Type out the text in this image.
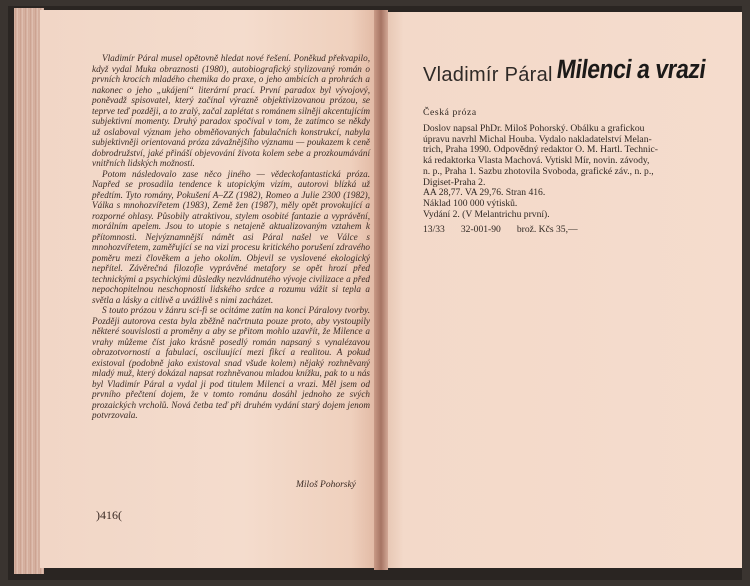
Vladimír Páral musel opětovně hledat nové řešení. Poněkud překvapilo, když vydal Muka obraznosti (1980), autobiografický stylizovaný román o prvních krocích mladého chemika do praxe, o jeho ambicích a prohrách a nakonec o jeho „ukájení“ literární prací. První paradox byl vývojový, poněvadž spisovatel, který začínal výrazně objektivizovanou prózou, se teprve teď později, a to zralý, začal zaplétat s románem silněji akcentujícím subjektivní momenty. Druhý paradox spočíval v tom, že zatímco se někdy už oslaboval význam jeho obměňovaných fabulačních konstrukcí, nabyla subjektivněji orientovaná próza závažnějšího významu — poukazem k ceně dobrodružství, jaké přináší objevování života kolem sebe a prozkoumávání vnitřních lidských možností.

Potom následovalo zase něco jiného — vědeckofantastická próza. Napřed se prosadila tendence k utopickým vizím, autorovi blízká už předtím. Tyto romány, Pokušení A–ZZ (1982), Romeo a Julie 2300 (1982), Válka s mnohozvířetem (1983), Země žen (1987), měly opět provokující a rozporné ohlasy. Působily atraktivou, stylem osobité fantazie a vyprávění, morálním apelem. Jsou to utopie s netajeně aktualizovaným vztahem k přítomnosti. Nejvýznamnější námět asi Páral našel ve Válce s mnohozvířetem, zaměřující se na vizi procesu kritického porušení zdravého poměru mezi člověkem a jeho okolím. Objevil se vyslovené ekologický nepřítel. Závěrečná filozofie vyprávěné metafory se opět hrozí před technickými a psychickými důsledky nezvládnutého vývoje civilizace a před nepochopitelnou neschopností lidského srdce a rozumu vážit si tepla a světla a lásky a citlivě a uvážlivě s nimi zacházet.

S touto prózou v žánru sci-fi se ocitáme zatím na konci Páralovy tvorby. Později autorova cesta byla zběžně načrtnuta pouze proto, aby vystoupily některé souvislosti a proměny a aby se přitom mohlo uzavřít, že Milence a vrahy můžeme číst jako krásně posedlý román napsaný s vynalézavou obrazotvorností a fabulací, osciluující mezi fikcí a realitou. A pokud existoval (podobně jako existoval snad všude kolem) nějaký rozhněvaný mladý muž, který dokázal napsat rozhněvanou mladou knížku, pak to u nás byl Vladimír Páral a vydal ji pod titulem Milenci a vrazi. Měl jsem od prvního přečtení dojem, že v tomto románu dosáhl jednoho ze svých prozaických vrcholů. Nová četba teď při druhém vydání starý dojem jenom potvrzovala.

Miloš Pohorský
)416(
Vladimír Páral Milenci a vrazi
Česká próza
Doslov napsal PhDr. Miloš Pohorský. Obálku a grafickou
úpravu navrhl Michal Houba. Vydalo nakladatelství Melan-
trich, Praha 1990. Odpovědný redaktor O. M. Hartl. Technic-
ká redaktorka Vlasta Machová. Vytiskl Mír, novin. závody,
n. p., Praha 1. Sazbu zhotovila Svoboda, grafické záv., n. p.,
Digiset-Praha 2.
AA 28,77. VA 29,76. Stran 416.
Náklad 100 000 výtisků.
Vydání 2. (V Melantrichu první).
13/33 32-001-90 brož. Kčs 35,—
